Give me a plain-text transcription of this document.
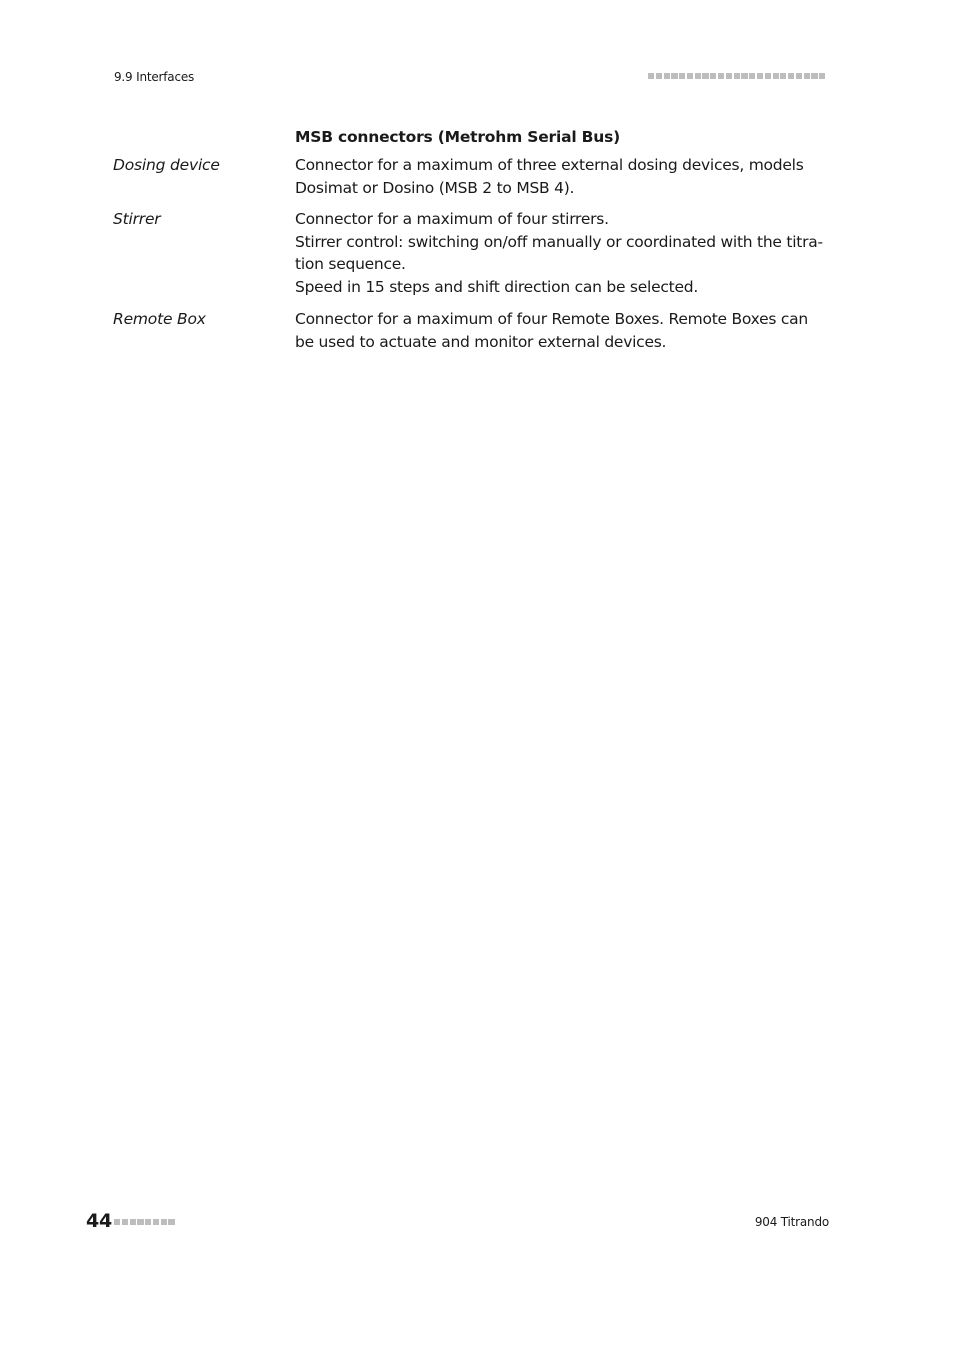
9.9 Interfaces
MSB connectors (Metrohm Serial Bus)
Dosing device	Connector for a maximum of three external dosing devices, models
Dosimat or Dosino (MSB 2 to MSB 4).
Stirrer	Connector for a maximum of four stirrers.
Stirrer control: switching on/off manually or coordinated with the titra-
tion sequence.
Speed in 15 steps and shift direction can be selected.
Remote Box	Connector for a maximum of four Remote Boxes. Remote Boxes can
be used to actuate and monitor external devices.
44	904 Titrando
